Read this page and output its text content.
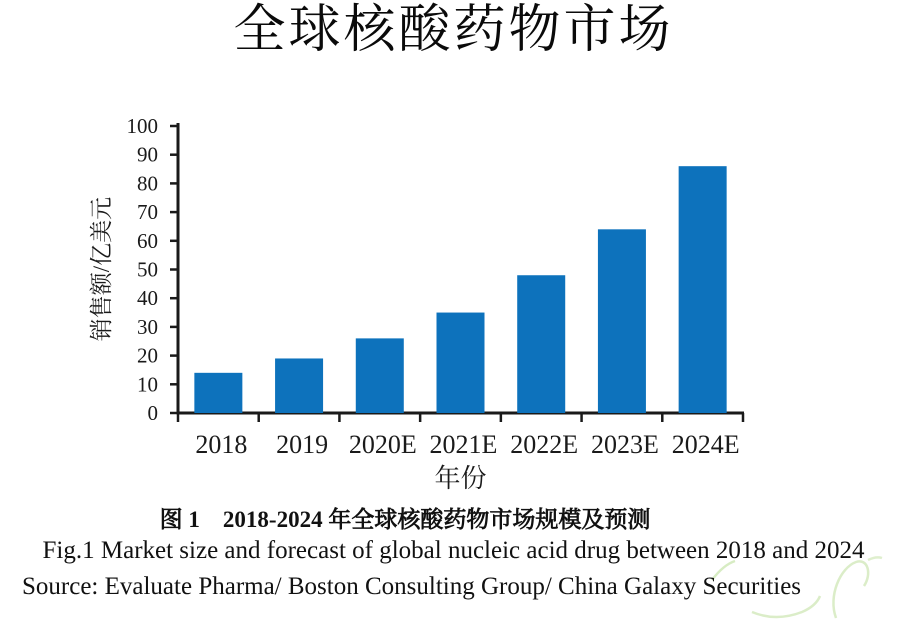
全球核酸药物市场
0
10
20
30
40
50
60
70
80
90
100
2018 2019 2020E 2021E 2022E 2023E 2024E
年份
销售额/亿美元
图 1　2018-2024 年全球核酸药物市场规模及预测
Fig.1 Market size and forecast of global nucleic acid drug between 2018 and 2024
Source: Evaluate Pharma/ Boston Consulting Group/ China Galaxy Securities
